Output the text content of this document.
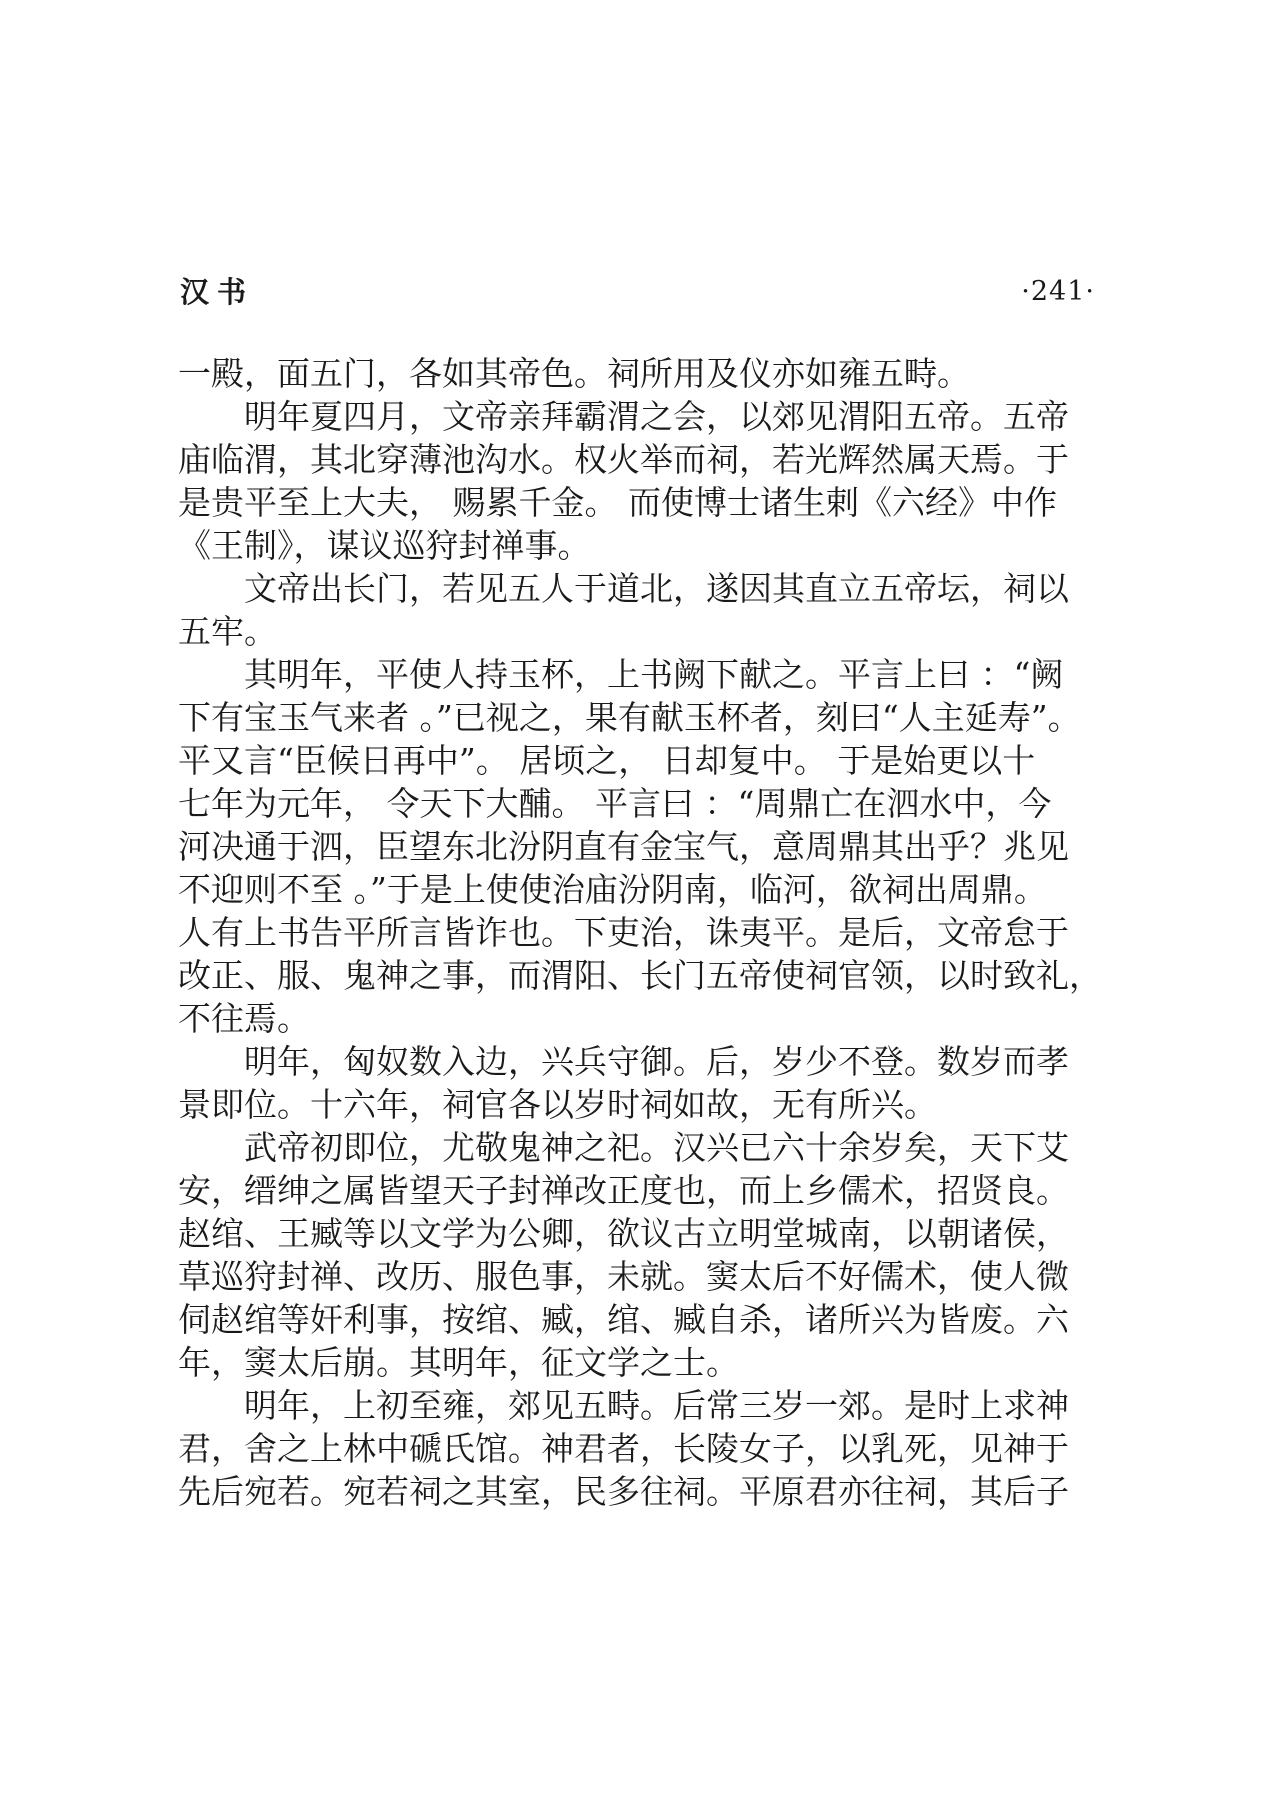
汉书	·241·
一殿，面五门，各如其帝色。祠所用及仪亦如雍五畤。
明年夏四月，文帝亲拜霸渭之会，以郊见渭阳五帝。五帝
庙临渭，其北穿薄池沟水。权火举而祠，若光辉然属天焉。于
是贵平至上大夫， 赐累千金。 而使博士诸生剌《六经》中作
《王制》，谋议巡狩封禅事。
文帝出长门，若见五人于道北，遂因其直立五帝坛，祠以
五牢。
其明年，平使人持玉杯，上书阙下献之。平言上曰 ：“阙
下有宝玉气来者 。”已视之，果有献玉杯者，刻曰“人主延寿”。
平又言“臣候日再中”。 居顷之， 日却复中。 于是始更以十
七年为元年， 令天下大酺。 平言曰 ：“周鼎亡在泗水中，今
河决通于泗，臣望东北汾阴直有金宝气，意周鼎其出乎？兆见
不迎则不至 。”于是上使使治庙汾阴南，临河，欲祠出周鼎。
人有上书告平所言皆诈也。下吏治，诛夷平。是后，文帝怠于
改正、服、鬼神之事，而渭阳、长门五帝使祠官领，以时致礼，
不往焉。
明年，匈奴数入边，兴兵守御。后，岁少不登。数岁而孝
景即位。十六年，祠官各以岁时祠如故，无有所兴。
武帝初即位，尤敬鬼神之祀。汉兴已六十余岁矣，天下艾
安，缙绅之属皆望天子封禅改正度也，而上乡儒术，招贤良。
赵绾、王臧等以文学为公卿，欲议古立明堂城南，以朝诸侯，
草巡狩封禅、改历、服色事，未就。窦太后不好儒术，使人微
伺赵绾等奸利事，按绾、臧，绾、臧自杀，诸所兴为皆废。六
年，窦太后崩。其明年，征文学之士。
明年，上初至雍，郊见五畤。后常三岁一郊。是时上求神
君，舍之上林中磃氏馆。神君者，长陵女子，以乳死，见神于
先后宛若。宛若祠之其室，民多往祠。平原君亦往祠，其后子
